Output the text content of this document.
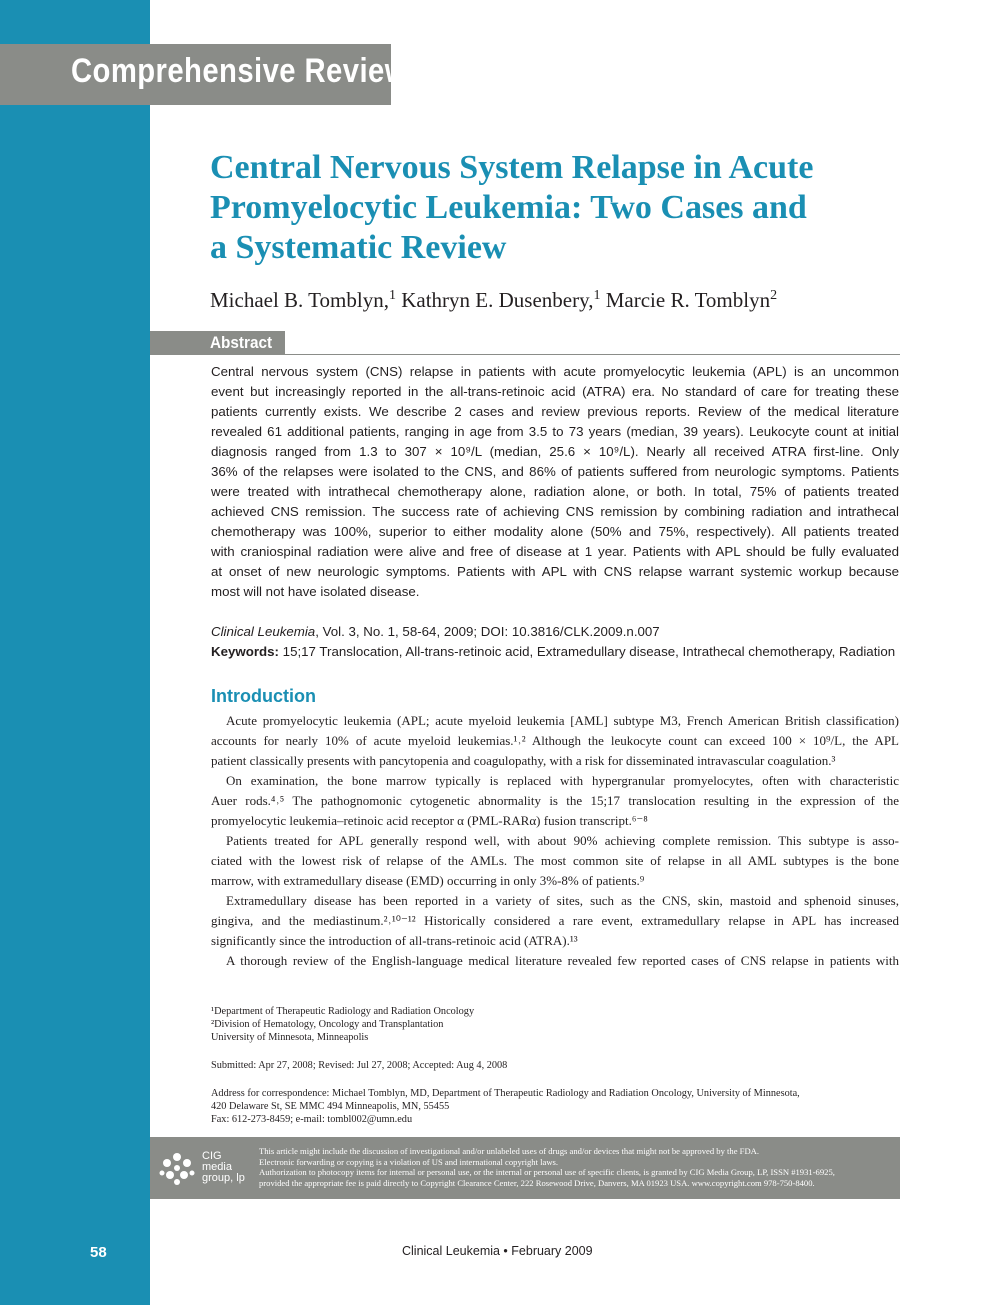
Comprehensive Review
Central Nervous System Relapse in Acute
Promyelocytic Leukemia: Two Cases and
a Systematic Review
Michael B. Tomblyn,$^1$ Kathryn E. Dusenbery,$^1$ Marcie R. Tomblyn$^2$
Abstract
Central nervous system (CNS) relapse in patients with acute promyelocytic leukemia (APL) is an uncommon
event but increasingly reported in the all-trans-retinoic acid (ATRA) era. No standard of care for treating these
patients currently exists. We describe 2 cases and review previous reports. Review of the medical literature
revealed 61 additional patients, ranging in age from 3.5 to 73 years (median, 39 years). Leukocyte count at initial
diagnosis ranged from 1.3 to 307 × 10⁹/L (median, 25.6 × 10⁹/L). Nearly all received ATRA first-line. Only
36% of the relapses were isolated to the CNS, and 86% of patients suffered from neurologic symptoms. Patients
were treated with intrathecal chemotherapy alone, radiation alone, or both. In total, 75% of patients treated
achieved CNS remission. The success rate of achieving CNS remission by combining radiation and intrathecal
chemotherapy was 100%, superior to either modality alone (50% and 75%, respectively). All patients treated
with craniospinal radiation were alive and free of disease at 1 year. Patients with APL should be fully evaluated
at onset of new neurologic symptoms. Patients with APL with CNS relapse warrant systemic workup because
most will not have isolated disease.
Clinical Leukemia, Vol. 3, No. 1, 58-64, 2009; DOI: 10.3816/CLK.2009.n.007
Keywords: 15;17 Translocation, All-trans-retinoic acid, Extramedullary disease, Intrathecal chemotherapy, Radiation
Introduction
Acute promyelocytic leukemia (APL; acute myeloid leukemia [AML] subtype M3, French American British classification)
accounts for nearly 10% of acute myeloid leukemias.¹˒² Although the leukocyte count can exceed 100 × 10⁹/L, the APL
patient classically presents with pancytopenia and coagulopathy, with a risk for disseminated intravascular coagulation.³
On examination, the bone marrow typically is replaced with hypergranular promyelocytes, often with characteristic
Auer rods.⁴˒⁵ The pathognomonic cytogenetic abnormality is the 15;17 translocation resulting in the expression of the
promyelocytic leukemia–retinoic acid receptor α (PML-RARα) fusion transcript.⁶⁻⁸
Patients treated for APL generally respond well, with about 90% achieving complete remission. This subtype is asso-
ciated with the lowest risk of relapse of the AMLs. The most common site of relapse in all AML subtypes is the bone
marrow, with extramedullary disease (EMD) occurring in only 3%-8% of patients.⁹
Extramedullary disease has been reported in a variety of sites, such as the CNS, skin, mastoid and sphenoid sinuses,
gingiva, and the mediastinum.²˒¹⁰⁻¹² Historically considered a rare event, extramedullary relapse in APL has increased
significantly since the introduction of all-trans-retinoic acid (ATRA).¹³
A thorough review of the English-language medical literature revealed few reported cases of CNS relapse in patients with
¹Department of Therapeutic Radiology and Radiation Oncology
²Division of Hematology, Oncology and Transplantation
University of Minnesota, Minneapolis
Submitted: Apr 27, 2008; Revised: Jul 27, 2008; Accepted: Aug 4, 2008
Address for correspondence: Michael Tomblyn, MD, Department of Therapeutic Radiology and Radiation Oncology, University of Minnesota,
420 Delaware St, SE MMC 494 Minneapolis, MN, 55455
Fax: 612-273-8459; e-mail: tombl002@umn.edu
CIG
media
group, lp
This article might include the discussion of investigational and/or unlabeled uses of drugs and/or devices that might not be approved by the FDA.
Electronic forwarding or copying is a violation of US and international copyright laws.
Authorization to photocopy items for internal or personal use, or the internal or personal use of specific clients, is granted by CIG Media Group, LP, ISSN #1931-6925,
provided the appropriate fee is paid directly to Copyright Clearance Center, 222 Rosewood Drive, Danvers, MA 01923 USA. www.copyright.com 978-750-8400.
58	Clinical Leukemia • February 2009
